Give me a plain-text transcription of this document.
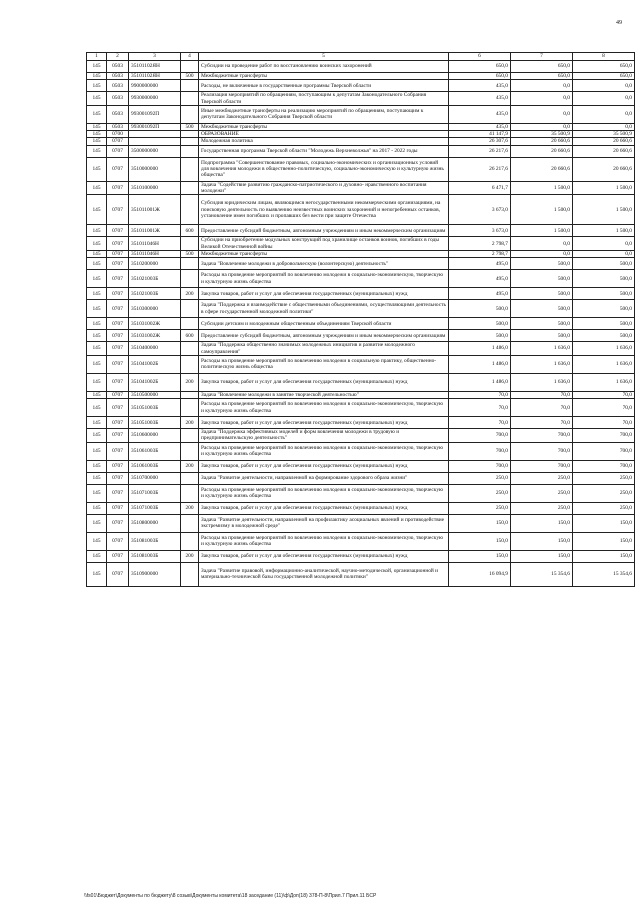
49
1	2	3	4	5	6	7	8
145	0503	35101102ЯН		Субсидии на проведение работ по восстановлению воинских захоронений	650,0	650,0	650,0
145	0503	35101102ЯН	500	Межбюджетные трансферты	650,0	650,0	650,0
145	0503	9900000000		Расходы, не включенные в государственные программы Тверской области	435,0	0,0	0,0
145	0503	9930000000		Реализация мероприятий по обращениям, поступающим к депутатам Законодательного Собрания Тверской области	435,0	0,0	0,0
145	0503	993001092П		Иные межбюджетные трансферты на реализацию мероприятий по обращениям, поступающим к депутатам Законодательного Собрания Тверской области	435,0	0,0	0,0
145	0503	993001092П	500	Межбюджетные трансферты	435,0	0,0	0,0
145	0700			ОБРАЗОВАНИЕ	41 147,9	35 500,9	35 500,9
145	0707			Молодежная политика	26 307,6	20 660,6	20 660,6
145	0707	3500000000		Государственная программа Тверской области "Молодежь Верхневолжья" на 2017 - 2022 годы	26 217,6	20 660,6	20 660,6
145	0707	3510000000		Подпрограмма "Совершенствование правовых, социально-экономических и организационных условий для вовлечения молодежи в общественно-политическую, социально-экономическую и культурную жизнь общества"	26 217,6	20 660,6	20 660,6
145	0707	3510100000		Задача "Содействие развитию гражданско-патриотического и духовно- нравственного воспитания молодежи"	6 471,7	1 500,0	1 500,0
145	0707	351011001Ж		Субсидия юридическим лицам, являющимся негосударственными некоммерческими организациями, на поисковую деятельность по выявлению неизвестных воинских захоронений и непогребенных останков, установление имен погибших и пропавших без вести при защите Отечества	3 673,0	1 500,0	1 500,0
145	0707	351011001Ж	600	Предоставление субсидий бюджетным, автономным учреждениям и иным некоммерческим организациям	3 673,0	1 500,0	1 500,0
145	0707	351011046Н		Субсидии на приобретение модульных конструкций под хранилище останков воинов, погибших в годы Великой Отечественной войны	2 798,7	0,0	0,0
145	0707	351011046Н	500	Межбюджетные трансферты	2 798,7	0,0	0,0
145	0707	3510200000		Задача "Вовлечение молодежи в добровольческую (волонтерскую) деятельность"	495,0	500,0	500,0
145	0707	351021003Б		Расходы на проведение мероприятий по вовлечению молодежи в социально-экономическую, творческую и культурную жизнь общества	495,0	500,0	500,0
145	0707	351021003Б	200	Закупка товаров, работ и услуг для обеспечения государственных (муниципальных) нужд	495,0	500,0	500,0
145	0707	3510300000		Задача "Поддержка и взаимодействие с общественными объединениями, осуществляющими деятельность в сфере государственной молодежной политики"	500,0	500,0	500,0
145	0707	351031002Ж		Субсидии детским и молодежным общественным объединениям Тверской области	500,0	500,0	500,0
145	0707	351031002Ж	600	Предоставление субсидий бюджетным, автономным учреждениям и иным некоммерческим организациям	500,0	500,0	500,0
145	0707	3510400000		Задача "Поддержка общественно значимых молодежных инициатив и развитие молодежного самоуправления"	1 486,0	1 636,0	1 636,0
145	0707	351041002Б		Расходы на проведение мероприятий по вовлечению молодежи в социальную практику, общественно-политическую жизнь общества	1 486,0	1 636,0	1 636,0
145	0707	351041002Б	200	Закупка товаров, работ и услуг для обеспечения государственных (муниципальных) нужд	1 486,0	1 636,0	1 636,0
145	0707	3510500000		Задача "Вовлечение молодежи в занятие творческой деятельностью"	70,0	70,0	70,0
145	0707	351051003Б		Расходы на проведение мероприятий по вовлечению молодежи в социально-экономическую, творческую и культурную жизнь общества	70,0	70,0	70,0
145	0707	351051003Б	200	Закупка товаров, работ и услуг для обеспечения государственных (муниципальных) нужд	70,0	70,0	70,0
145	0707	3510600000		Задача "Поддержка эффективных моделей и форм вовлечения молодежи в трудовую и предпринимательскую деятельность"	700,0	700,0	700,0
145	0707	351061003Б		Расходы на проведение мероприятий по вовлечению молодежи в социально-экономическую, творческую и культурную жизнь общества	700,0	700,0	700,0
145	0707	351061003Б	200	Закупка товаров, работ и услуг для обеспечения государственных (муниципальных) нужд	700,0	700,0	700,0
145	0707	3510700000		Задача "Развитие деятельности, направленной на формирование здорового образа жизни"	250,0	250,0	250,0
145	0707	351071003Б		Расходы на проведение мероприятий по вовлечению молодежи в социально-экономическую, творческую и культурную жизнь общества	250,0	250,0	250,0
145	0707	351071003Б	200	Закупка товаров, работ и услуг для обеспечения государственных (муниципальных) нужд	250,0	250,0	250,0
145	0707	3510800000		Задача "Развитие деятельности, направленной на профилактику асоциальных явлений и противодействие экстремизму в молодежной среде"	150,0	150,0	150,0
145	0707	351081003Б		Расходы на проведение мероприятий по вовлечению молодежи в социально-экономическую, творческую и культурную жизнь общества	150,0	150,0	150,0
145	0707	351081003Б	200	Закупка товаров, работ и услуг для обеспечения государственных (муниципальных) нужд	150,0	150,0	150,0
145	0707	3510900000		Задача "Развитие правовой, информационно-аналитической, научно-методической, организационной и материально-технической базы государственной молодежной политики"	16 094,9	15 354,6	15 354,6
\\fs01\Бюджет\Документы по бюджету\8 созыв\Документы комитета\18 заседание (11)\ф\Доп(18) 378-П-8\Прил.7 Прил.11 БСР
